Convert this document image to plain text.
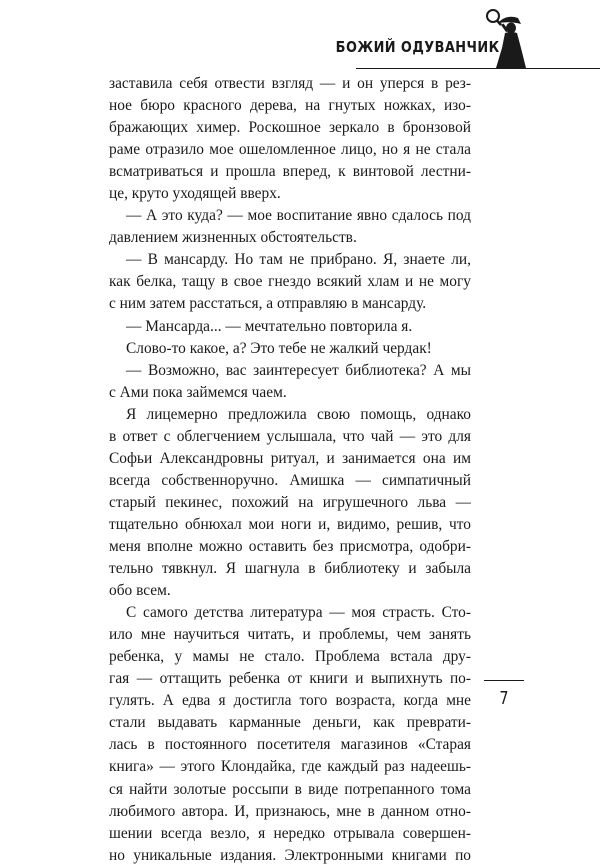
БОЖИЙ ОДУВАНЧИК
заставила себя отвести взгляд — и он уперся в рез-
ное бюро красного дерева, на гнутых ножках, изо-
бражающих химер. Роскошное зеркало в бронзовой
раме отразило мое ошеломленное лицо, но я не стала
всматриваться и прошла вперед, к винтовой лестни-
це, круто уходящей вверх.
— А это куда? — мое воспитание явно сдалось под
давлением жизненных обстоятельств.
— В мансарду. Но там не прибрано. Я, знаете ли,
как белка, тащу в свое гнездо всякий хлам и не могу
с ним затем расстаться, а отправляю в мансарду.
— Мансарда... — мечтательно повторила я.
Слово-то какое, а? Это тебе не жалкий чердак!
— Возможно, вас заинтересует библиотека? А мы
с Ами пока займемся чаем.
Я лицемерно предложила свою помощь, однако
в ответ с облегчением услышала, что чай — это для
Софьи Александровны ритуал, и занимается она им
всегда собственноручно. Амишка — симпатичный
старый пекинес, похожий на игрушечного льва —
тщательно обнюхал мои ноги и, видимо, решив, что
меня вполне можно оставить без присмотра, одобри-
тельно тявкнул. Я шагнула в библиотеку и забыла
обо всем.
С самого детства литература — моя страсть. Сто-
ило мне научиться читать, и проблемы, чем занять
ребенка, у мамы не стало. Проблема встала дру-
гая — оттащить ребенка от книги и выпихнуть по-
гулять. А едва я достигла того возраста, когда мне
стали выдавать карманные деньги, как преврати-
лась в постоянного посетителя магазинов «Старая
книга» — этого Клондайка, где каждый раз надеешь-
ся найти золотые россыпи в виде потрепанного тома
любимого автора. И, признаюсь, мне в данном отно-
шении всегда везло, я нередко отрывала совершен-
но уникальные издания. Электронными книгами по
7
